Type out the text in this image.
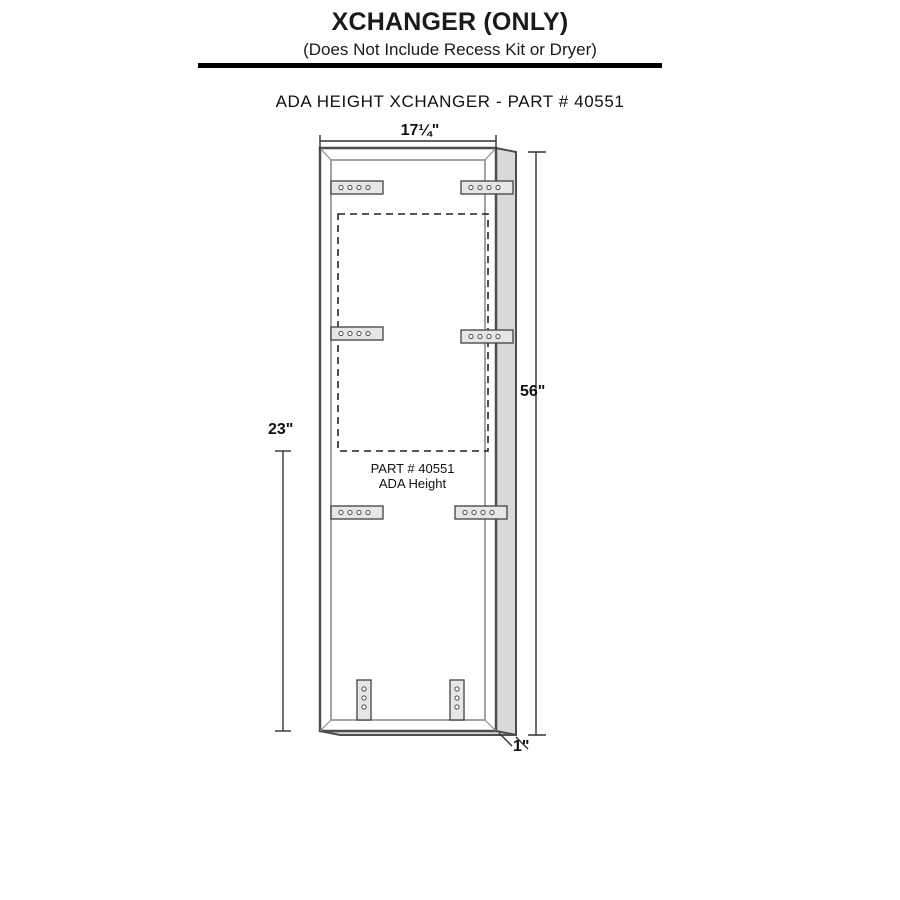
XCHANGER (ONLY)
(Does Not Include Recess Kit or Dryer)
ADA HEIGHT XCHANGER - PART # 40551
17¼"
56"
23"
1"
PART # 40551
ADA Height
